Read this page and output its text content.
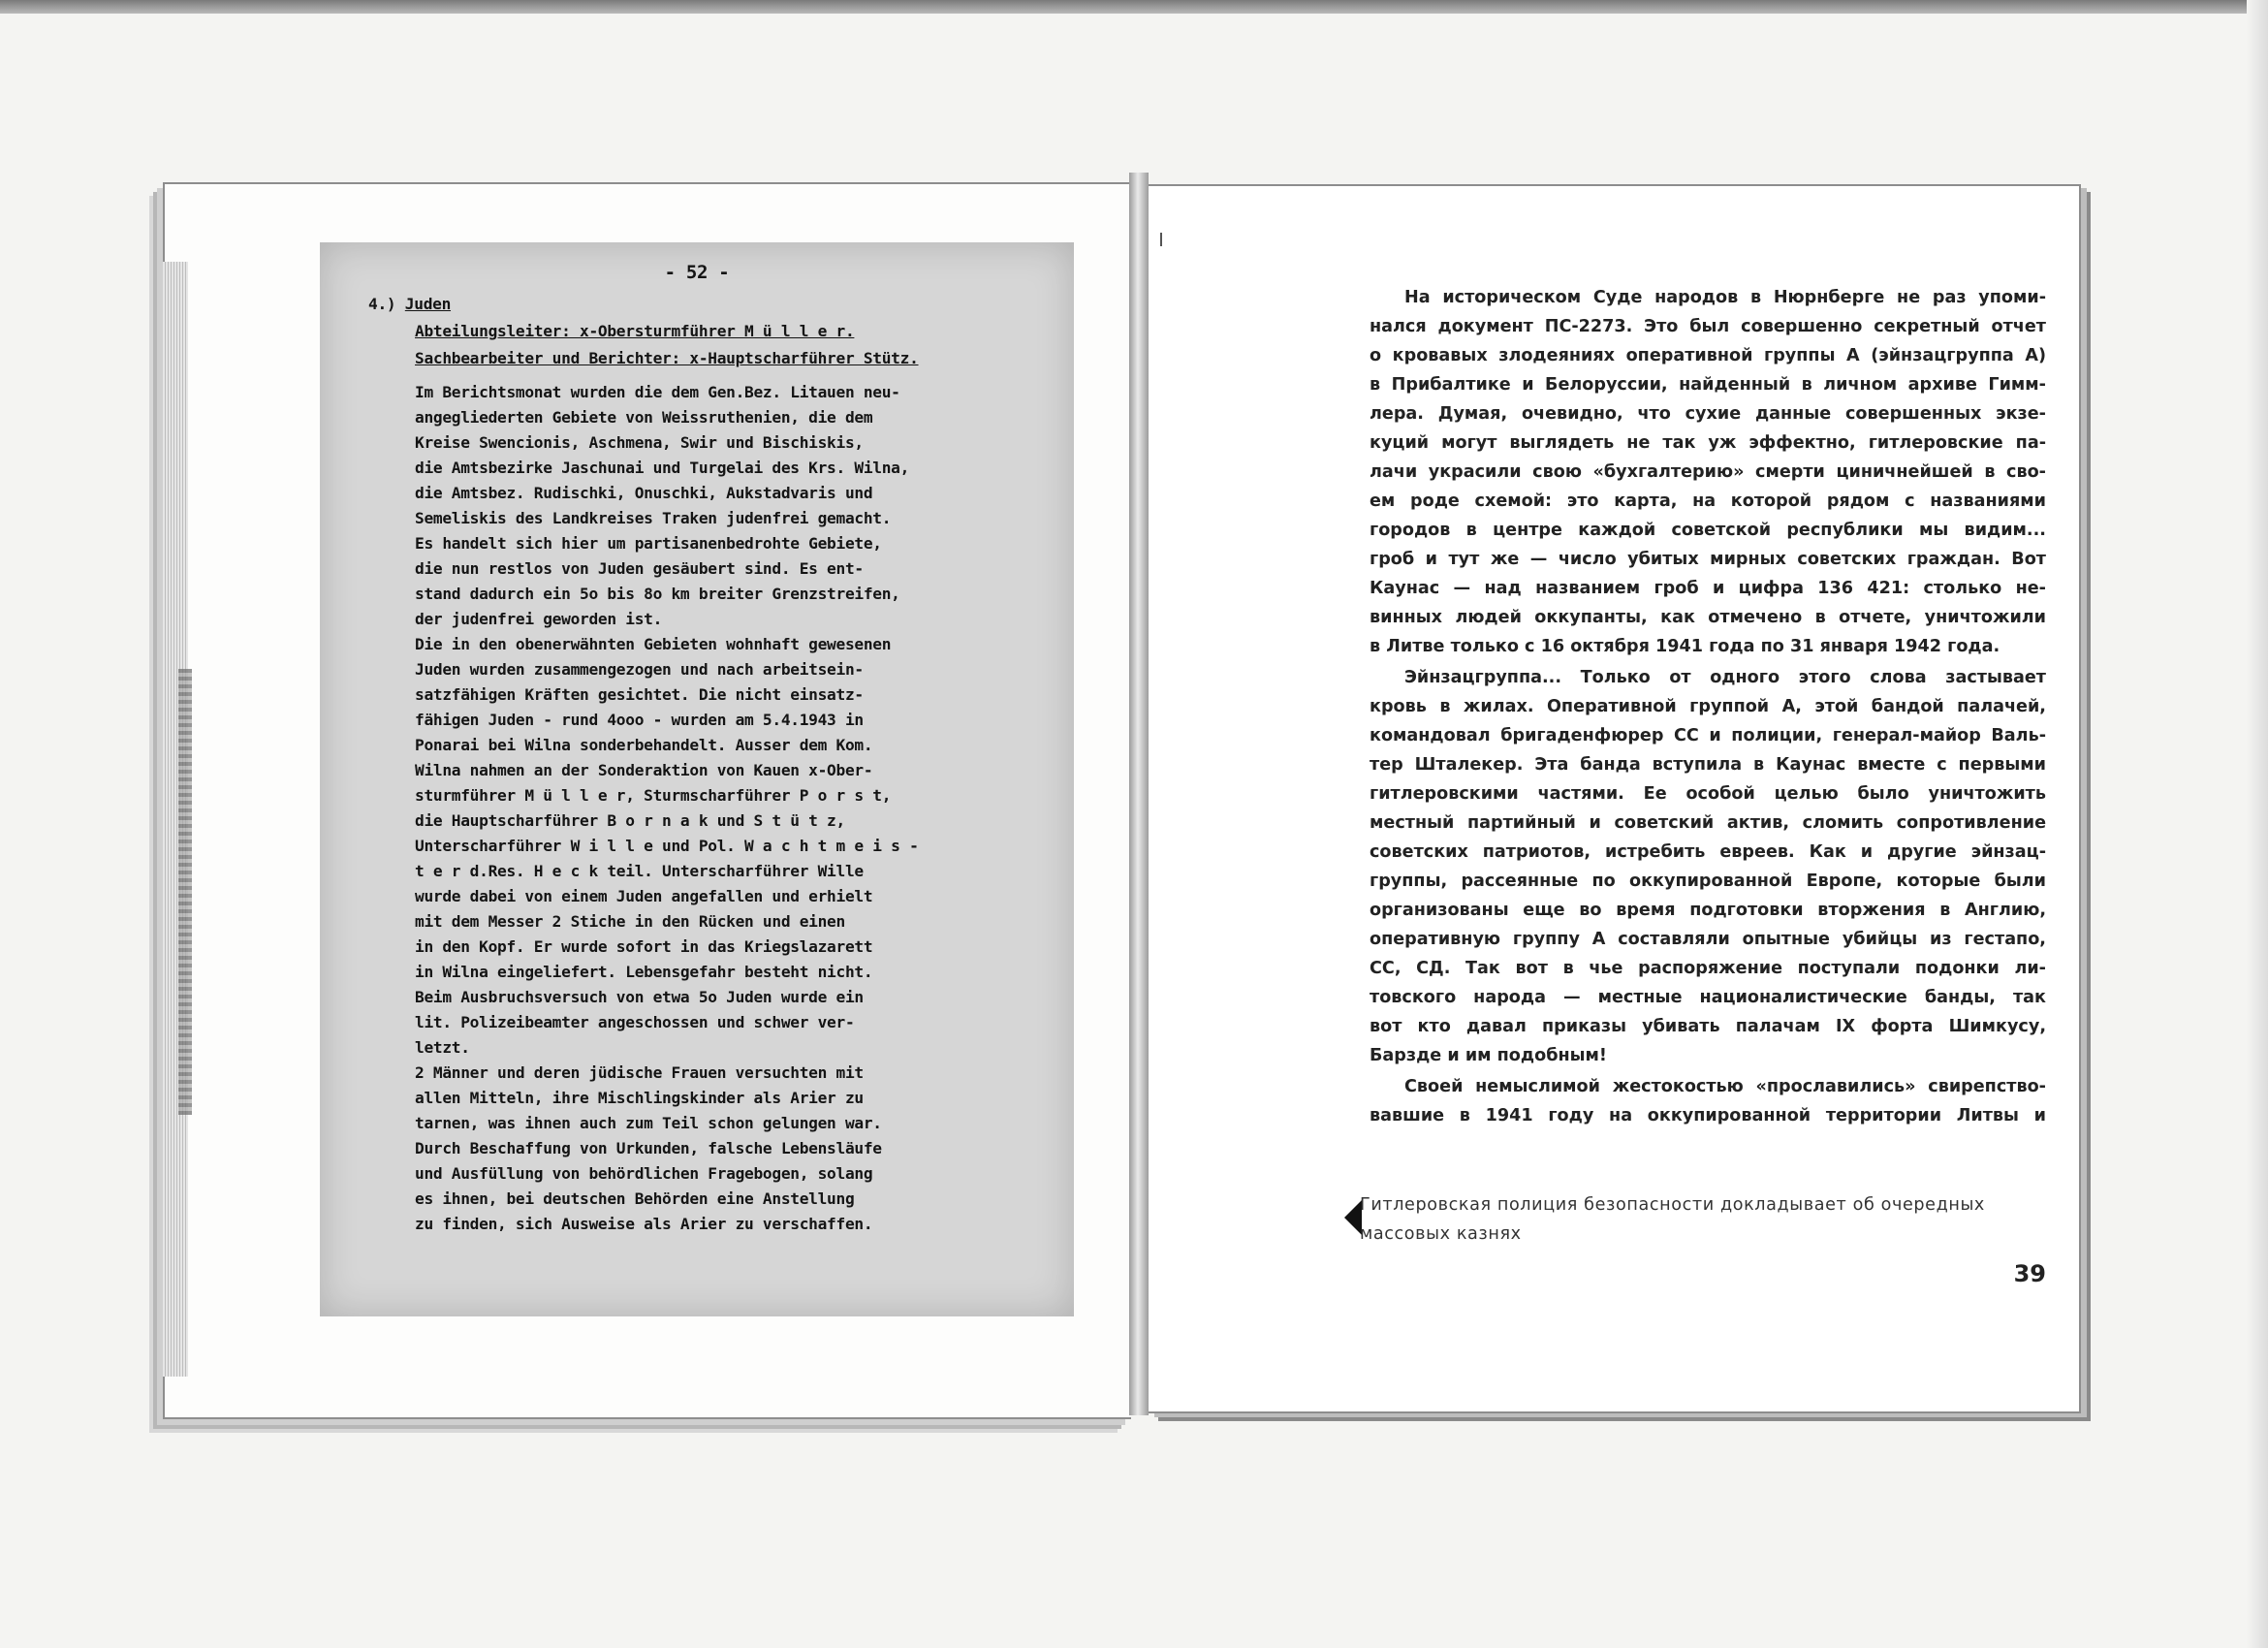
- 52 -
4.) Juden
Abteilungsleiter: х-Obersturmführer M ü l l e r.
Sachbearbeiter und Berichter: х-Hauptscharführer Stütz.
Im Berichtsmonat wurden die dem Gen.Bez. Litauen neu-
angegliederten Gebiete von Weissruthenien, die dem
Kreise Swencionis, Aschmena, Swir und Bischiskis,
die Amtsbezirke Jaschunai und Turgelai des Krs. Wilna,
die Amtsbez. Rudischki, Onuschki, Aukstadvaris und
Semeliskis des Landkreises Traken judenfrei gemacht.
Es handelt sich hier um partisanenbedrohte Gebiete,
die nun restlos von Juden gesäubert sind. Es ent-
stand dadurch ein 5o bis 8o km breiter Grenzstreifen,
der judenfrei geworden ist.
Die in den obenerwähnten Gebieten wohnhaft gewesenen
Juden wurden zusammengezogen und nach arbeitsein-
satzfähigen Kräften gesichtet. Die nicht einsatz-
fähigen Juden - rund 4ooo - wurden am 5.4.1943 in
Ponarai bei Wilna sonderbehandelt. Ausser dem Kom.
Wilna nahmen an der Sonderaktion von Kauen х-Ober-
sturmführer M ü l l e r, Sturmscharführer P o r s t,
die Hauptscharführer B o r n a k und S t ü t z,
Unterscharführer W i l l e und Pol. W a c h t m e i s -
t e r d.Res. H e c k teil. Unterscharführer Wille
wurde dabei von einem Juden angefallen und erhielt
mit dem Messer 2 Stiche in den Rücken und einen
in den Kopf. Er wurde sofort in das Kriegslazarett
in Wilna eingeliefert. Lebensgefahr besteht nicht.
Beim Ausbruchsversuch von etwa 5o Juden wurde ein
lit. Polizeibeamter angeschossen und schwer ver-
letzt.
2 Männer und deren jüdische Frauen versuchten mit
allen Mitteln, ihre Mischlingskinder als Arier zu
tarnen, was ihnen auch zum Teil schon gelungen war.
Durch Beschaffung von Urkunden, falsche Lebensläufe
und Ausfüllung von behördlichen Fragebogen, solang
es ihnen, bei deutschen Behörden eine Anstellung
zu finden, sich Ausweise als Arier zu verschaffen.

На историческом Суде народов в Нюрнберге не раз упоми-
нался документ ПС-2273. Это был совершенно секретный отчет
о кровавых злодеяниях оперативной группы А (эйнзацгруппа А)
в Прибалтике и Белоруссии, найденный в личном архиве Гимм-
лера. Думая, очевидно, что сухие данные совершенных экзе-
куций могут выглядеть не так уж эффектно, гитлеровские па-
лачи украсили свою «бухгалтерию» смерти циничнейшей в сво-
ем роде схемой: это карта, на которой рядом с названиями
городов в центре каждой советской республики мы видим...
гроб и тут же — число убитых мирных советских граждан. Вот
Каунас — над названием гроб и цифра 136 421: столько не-
винных людей оккупанты, как отмечено в отчете, уничтожили
в Литве только с 16 октября 1941 года по 31 января 1942 года.

Эйнзацгруппа... Только от одного этого слова застывает
кровь в жилах. Оперативной группой А, этой бандой палачей,
командовал бригаденфюрер СС и полиции, генерал-майор Валь-
тер Шталекер. Эта банда вступила в Каунас вместе с первыми
гитлеровскими частями. Ее особой целью было уничтожить
местный партийный и советский актив, сломить сопротивление
советских патриотов, истребить евреев. Как и другие эйнзац-
группы, рассеянные по оккупированной Европе, которые были
организованы еще во время подготовки вторжения в Англию,
оперативную группу А составляли опытные убийцы из гестапо,
СС, СД. Так вот в чье распоряжение поступали подонки ли-
товского народа — местные националистические банды, так
вот кто давал приказы убивать палачам IX форта Шимкусу,
Барзде и им подобным!

Своей немыслимой жестокостью «прославились» свирепство-
вавшие в 1941 году на оккупированной территории Литвы и

Гитлеровская полиция безопасности докладывает об очередных массовых казнях
39
